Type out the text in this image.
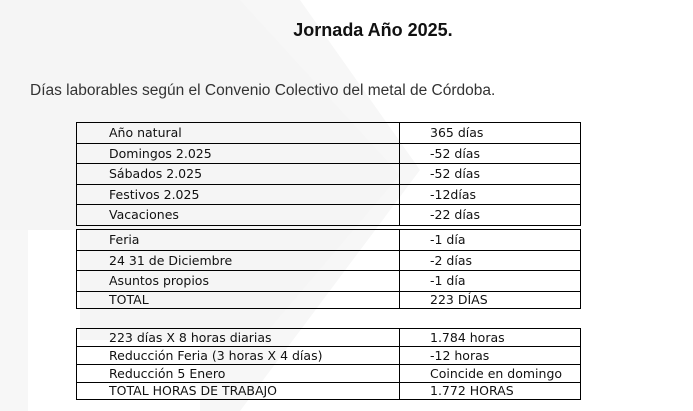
Jornada Año 2025.
Días laborables según el Convenio Colectivo del metal de Córdoba.
Año natural	365 días
Domingos 2.025	-52 días
Sábados 2.025	-52 días
Festivos 2.025	-12días
Vacaciones	-22 días
Feria	-1 día
24 31 de Diciembre	-2 días
Asuntos propios	-1 día
TOTAL	223 DÍAS
223 días X 8 horas diarias	1.784 horas
Reducción Feria (3 horas X 4 días)	-12 horas
Reducción 5 Enero	Coincide en domingo
TOTAL HORAS DE TRABAJO	1.772 HORAS
